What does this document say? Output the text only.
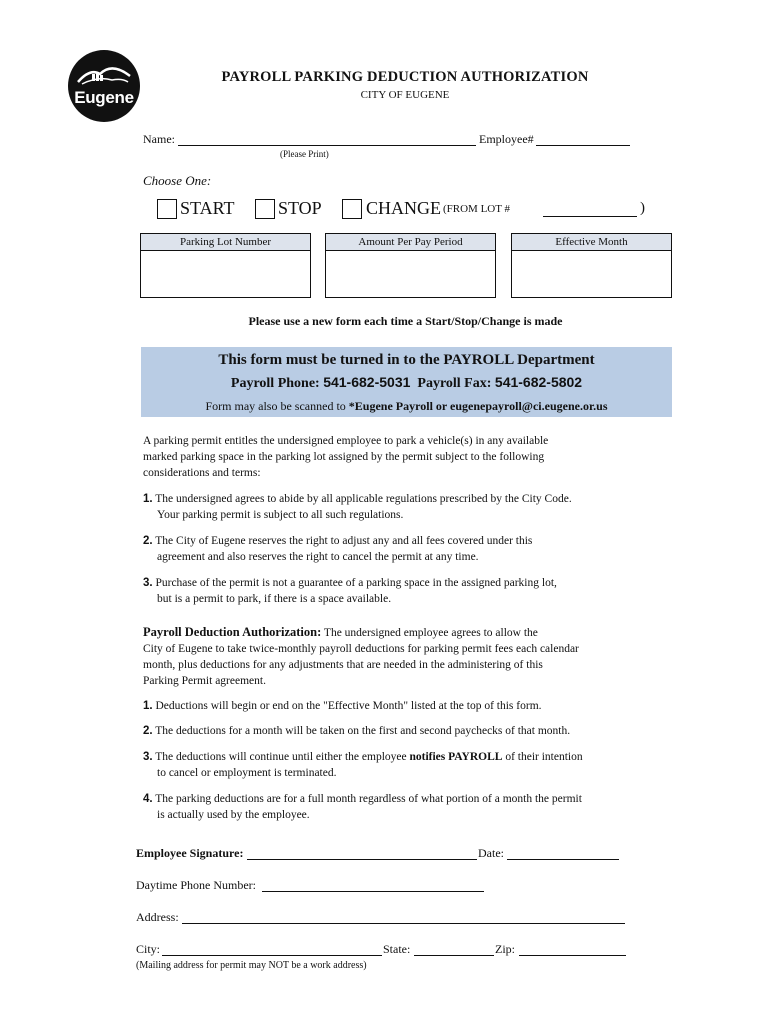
Eugene
PAYROLL PARKING DEDUCTION AUTHORIZATION
CITY OF EUGENE
Name:	Employee#
(Please Print)
Choose One:
START STOP CHANGE (FROM LOT #	)
Parking Lot Number	Amount Per Pay Period	Effective Month
Please use a new form each time a Start/Stop/Change is made
This form must be turned in to the PAYROLL Department
Payroll Phone: 541-682-5031 Payroll Fax: 541-682-5802
Form may also be scanned to *Eugene Payroll or eugenepayroll@ci.eugene.or.us
A parking permit entitles the undersigned employee to park a vehicle(s) in any available
marked parking space in the parking lot assigned by the permit subject to the following
considerations and terms:
1. The undersigned agrees to abide by all applicable regulations prescribed by the City Code.
Your parking permit is subject to all such regulations.
2. The City of Eugene reserves the right to adjust any and all fees covered under this
agreement and also reserves the right to cancel the permit at any time.
3. Purchase of the permit is not a guarantee of a parking space in the assigned parking lot,
but is a permit to park, if there is a space available.
Payroll Deduction Authorization: The undersigned employee agrees to allow the
City of Eugene to take twice-monthly payroll deductions for parking permit fees each calendar
month, plus deductions for any adjustments that are needed in the administering of this
Parking Permit agreement.
1. Deductions will begin or end on the "Effective Month" listed at the top of this form.
2. The deductions for a month will be taken on the first and second paychecks of that month.
3. The deductions will continue until either the employee notifies PAYROLL of their intention
to cancel or employment is terminated.
4. The parking deductions are for a full month regardless of what portion of a month the permit
is actually used by the employee.
Employee Signature:	Date:
Daytime Phone Number:
Address:
City:	State:	Zip:
(Mailing address for permit may NOT be a work address)
